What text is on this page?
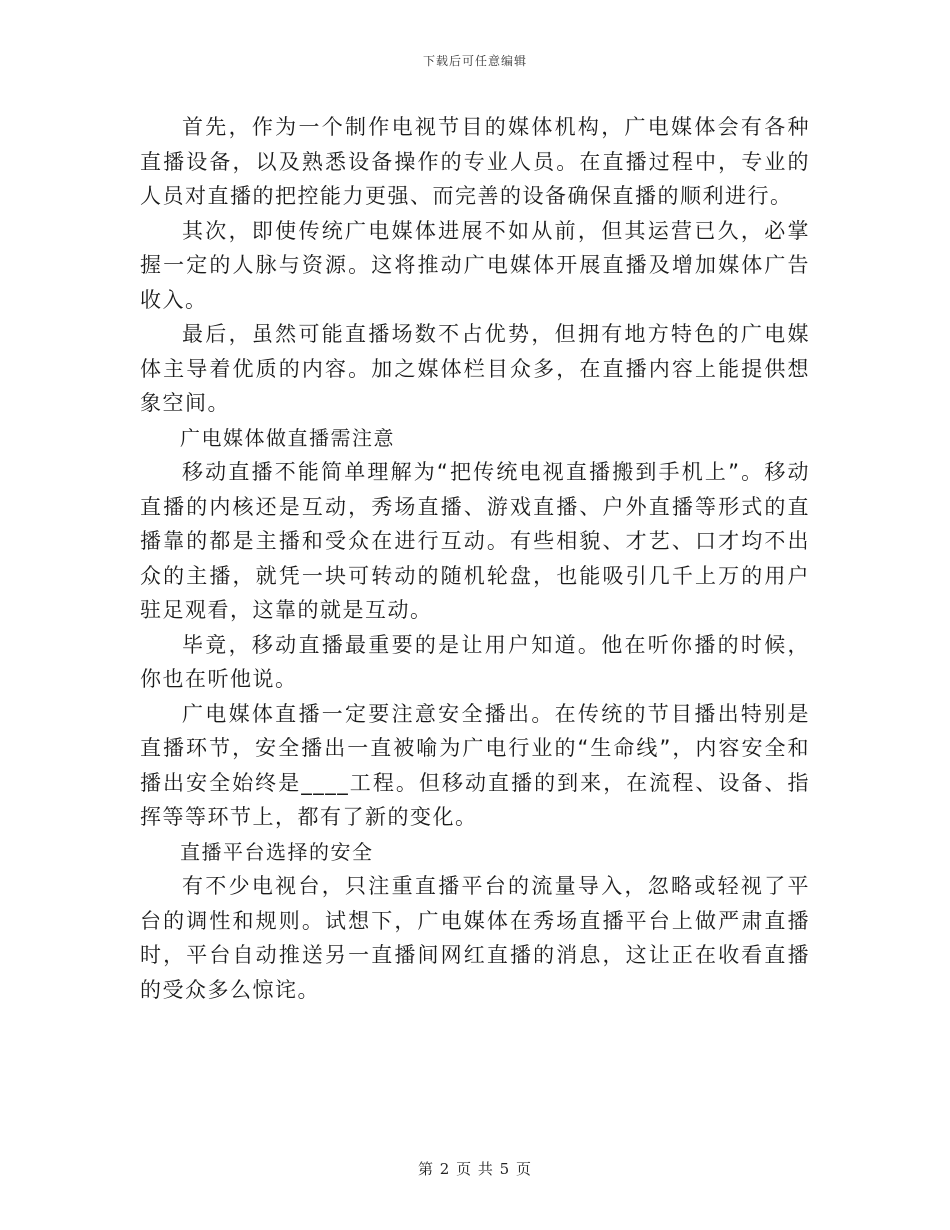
下载后可任意编辑

首先，作为一个制作电视节目的媒体机构，广电媒体会有各种直播设备，以及熟悉设备操作的专业人员。在直播过程中，专业的人员对直播的把控能力更强、而完善的设备确保直播的顺利进行。

其次，即使传统广电媒体进展不如从前，但其运营已久，必掌握一定的人脉与资源。这将推动广电媒体开展直播及增加媒体广告收入。

最后，虽然可能直播场数不占优势，但拥有地方特色的广电媒体主导着优质的内容。加之媒体栏目众多，在直播内容上能提供想象空间。

广电媒体做直播需注意

移动直播不能简单理解为“把传统电视直播搬到手机上”。移动直播的内核还是互动，秀场直播、游戏直播、户外直播等形式的直播靠的都是主播和受众在进行互动。有些相貌、才艺、口才均不出众的主播，就凭一块可转动的随机轮盘，也能吸引几千上万的用户驻足观看，这靠的就是互动。

毕竟，移动直播最重要的是让用户知道。他在听你播的时候，你也在听他说。

广电媒体直播一定要注意安全播出。在传统的节目播出特别是直播环节，安全播出一直被喻为广电行业的“生命线”，内容安全和播出安全始终是____工程。但移动直播的到来，在流程、设备、指挥等等环节上，都有了新的变化。

直播平台选择的安全

有不少电视台，只注重直播平台的流量导入，忽略或轻视了平台的调性和规则。试想下，广电媒体在秀场直播平台上做严肃直播时，平台自动推送另一直播间网红直播的消息，这让正在收看直播的受众多么惊诧。

第 2 页 共 5 页
